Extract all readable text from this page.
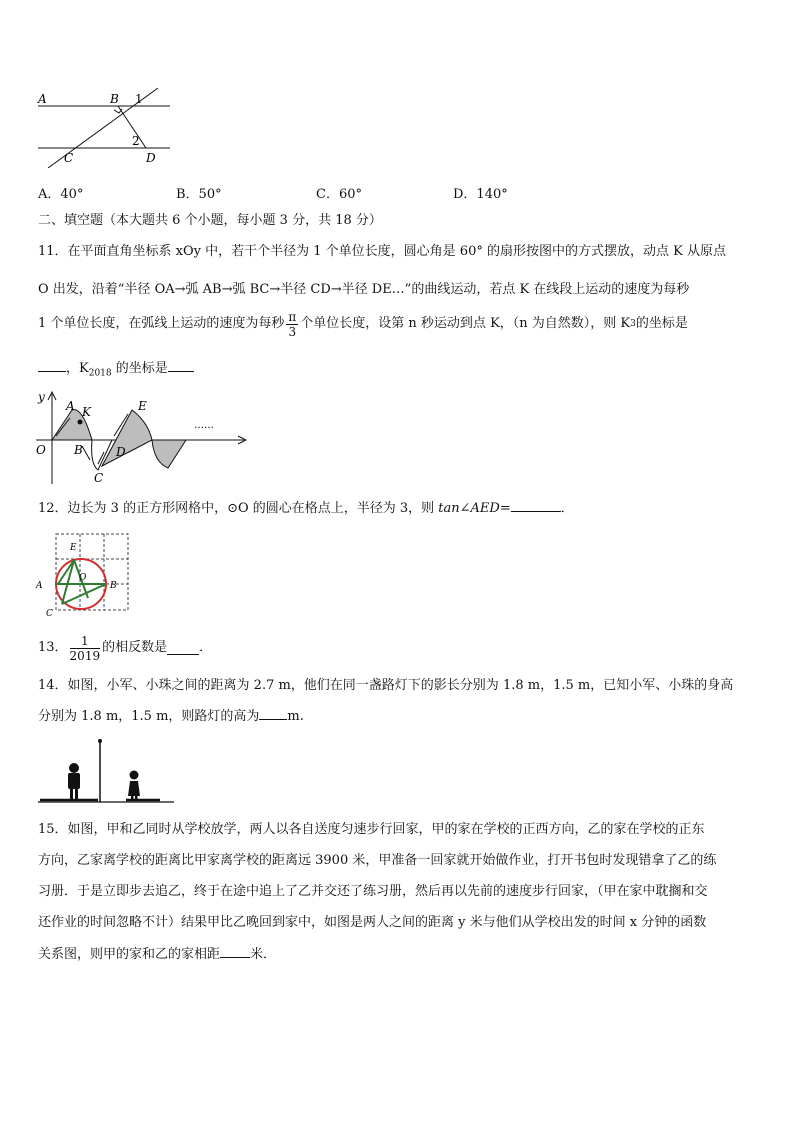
A	B 1
2
C	D
A．40°	B．50°	C．60°	D．140°
二、填空题（本大题共 6 个小题，每小题 3 分，共 18 分）
11．在平面直角坐标系 xOy 中，若干个半径为 1 个单位长度，圆心角是 60° 的扇形按图中的方式摆放，动点 K 从原点
O 出发，沿着“半径 OA→弧 AB→弧 BC→半径 CD→半径 DE…”的曲线运动，若点 K 在线段上运动的速度为每秒
1 个单位长度，在弧线上运动的速度为每秒 $\frac{\pi}{3}$ 个单位长度，设第 n 秒运动到点 K，（n 为自然数），则 K 3 的坐标是
，$K_{2018}$ 的坐标是
y
A K	E
……
O B	D
C
12．边长为 3 的正方形网格中，⊙O 的圆心在格点上，半径为 3，则 tan∠AED=	．
E
O
A	B
C
13． $\frac{1}{2019}$ 的相反数是 ．
14．如图，小军、小珠之间的距离为 2.7 m，他们在同一盏路灯下的影长分别为 1.8 m，1.5 m，已知小军、小珠的身高
分别为 1.8 m，1.5 m，则路灯的高为 m.
15．如图，甲和乙同时从学校放学，两人以各自送度匀速步行回家，甲的家在学校的正西方向，乙的家在学校的正东
方向，乙家离学校的距离比甲家离学校的距离远 3900 米，甲准备一回家就开始做作业，打开书包时发现错拿了乙的练
习册．于是立即步去追乙，终于在途中追上了乙并交还了练习册，然后再以先前的速度步行回家，（甲在家中耽搁和交
还作业的时间忽略不计）结果甲比乙晚回到家中，如图是两人之间的距离 y 米与他们从学校出发的时间 x 分钟的函数
关系图，则甲的家和乙的家相距 米．
